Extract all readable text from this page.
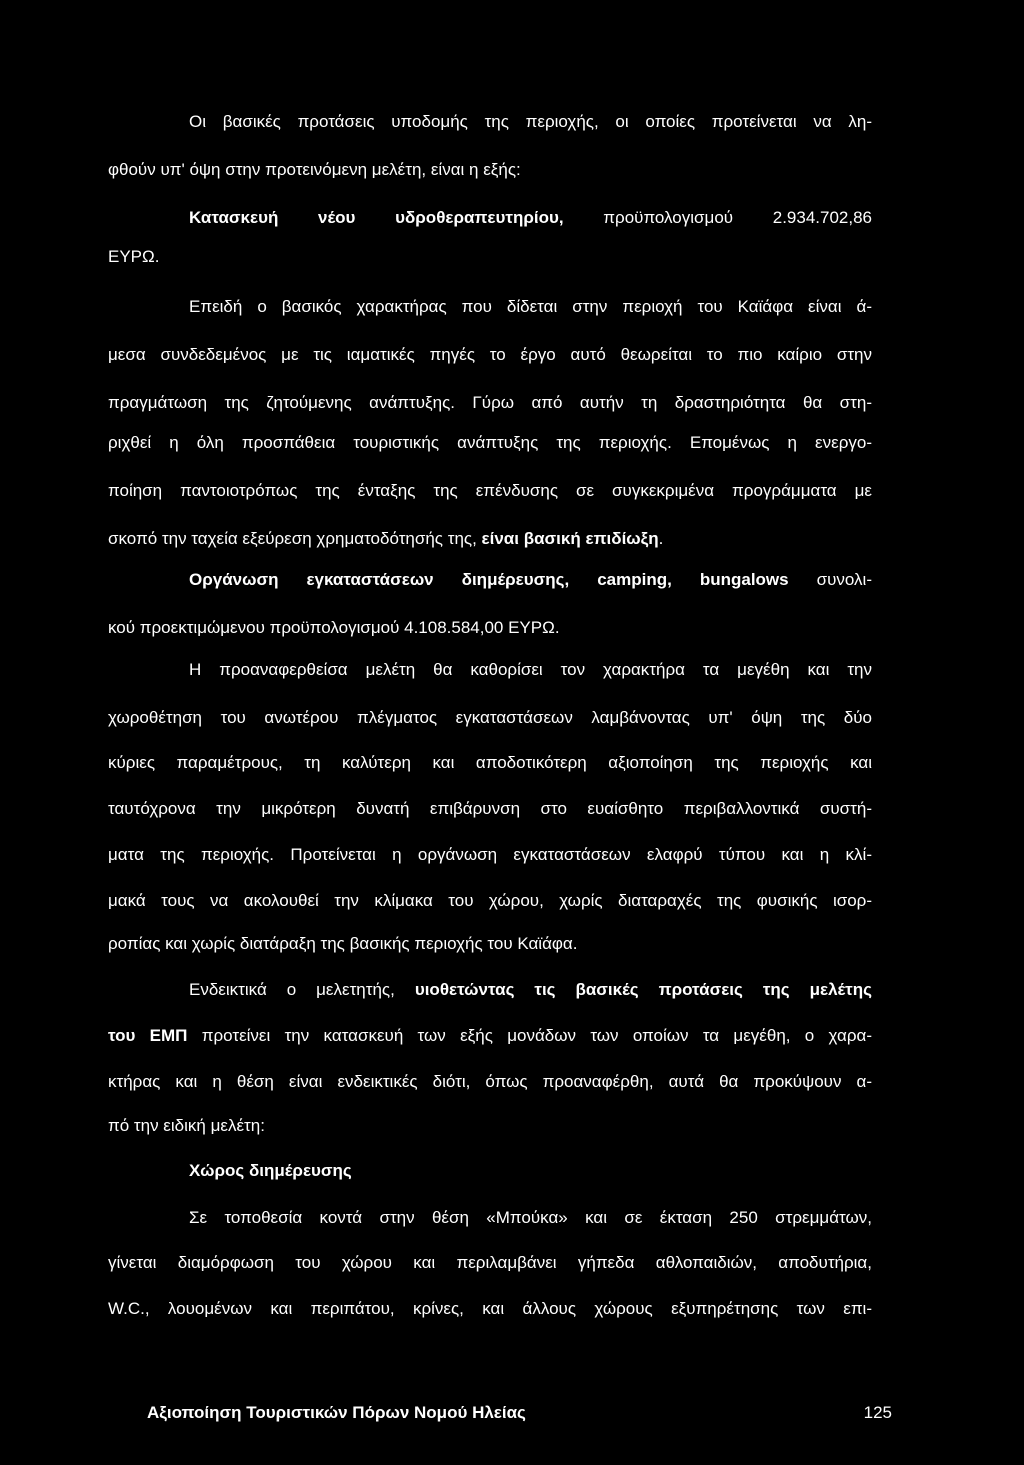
Οι βασικές προτάσεις υποδομής της περιοχής, οι οποίες προτείνεται να λη-
φθούν υπ' όψη στην προτεινόμενη μελέτη, είναι η εξής:
Κατασκευή νέου υδροθεραπευτηρίου, προϋπολογισμού 2.934.702,86
ΕΥΡΩ.
Επειδή ο βασικός χαρακτήρας που δίδεται στην περιοχή του Καϊάφα είναι ά-
μεσα συνδεδεμένος με τις ιαματικές πηγές το έργο αυτό θεωρείται το πιο καίριο στην
πραγμάτωση της ζητούμενης ανάπτυξης. Γύρω από αυτήν τη δραστηριότητα θα στη-
ριχθεί η όλη προσπάθεια τουριστικής ανάπτυξης της περιοχής. Επομένως η ενεργο-
ποίηση παντοιοτρόπως της ένταξης της επένδυσης σε συγκεκριμένα προγράμματα με
σκοπό την ταχεία εξεύρεση χρηματοδότησής της, είναι βασική επιδίωξη.
Οργάνωση εγκαταστάσεων διημέρευσης, camping, bungalows συνολι-
κού προεκτιμώμενου προϋπολογισμού 4.108.584,00 ΕΥΡΩ.
Η προαναφερθείσα μελέτη θα καθορίσει τον χαρακτήρα τα μεγέθη και την
χωροθέτηση του ανωτέρου πλέγματος εγκαταστάσεων λαμβάνοντας υπ' όψη της δύο
κύριες παραμέτρους, τη καλύτερη και αποδοτικότερη αξιοποίηση της περιοχής και
ταυτόχρονα την μικρότερη δυνατή επιβάρυνση στο ευαίσθητο περιβαλλοντικά συστή-
ματα της περιοχής. Προτείνεται η οργάνωση εγκαταστάσεων ελαφρύ τύπου και η κλί-
μακά τους να ακολουθεί την κλίμακα του χώρου, χωρίς διαταραχές της φυσικής ισορ-
ροπίας και χωρίς διατάραξη της βασικής περιοχής του Καϊάφα.
Ενδεικτικά ο μελετητής, υιοθετώντας τις βασικές προτάσεις της μελέτης
του ΕΜΠ προτείνει την κατασκευή των εξής μονάδων των οποίων τα μεγέθη, ο χαρα-
κτήρας και η θέση είναι ενδεικτικές διότι, όπως προαναφέρθη, αυτά θα προκύψουν α-
πό την ειδική μελέτη:
Χώρος διημέρευσης
Σε τοποθεσία κοντά στην θέση «Μπούκα» και σε έκταση 250 στρεμμάτων,
γίνεται διαμόρφωση του χώρου και περιλαμβάνει γήπεδα αθλοπαιδιών, αποδυτήρια,
W.C., λουομένων και περιπάτου, κρίνες, και άλλους χώρους εξυπηρέτησης των επι-
Αξιοποίηση Τουριστικών Πόρων Νομού Ηλείας	125
